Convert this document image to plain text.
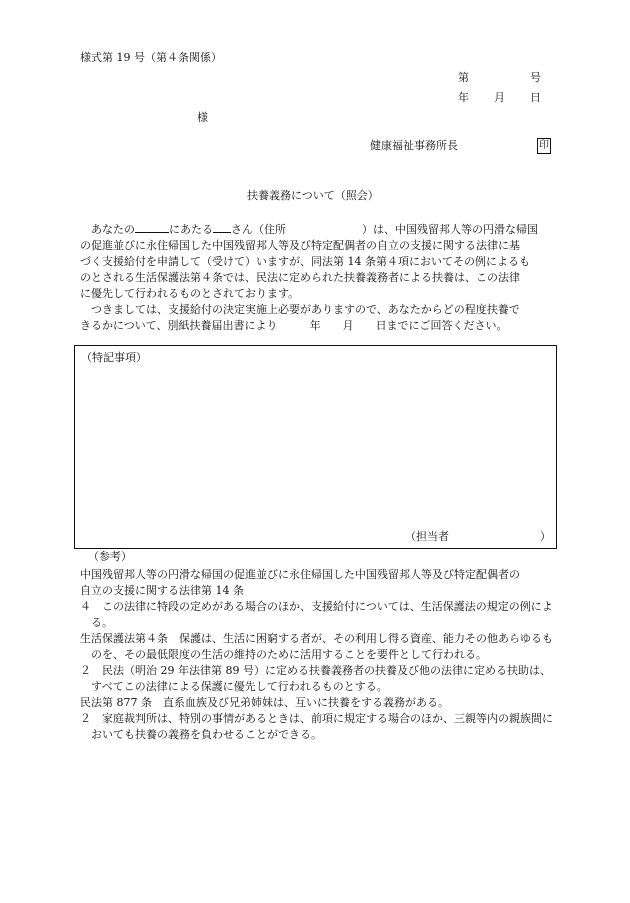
様式第 19 号（第４条関係）
第	号
年 月 日
様
健康福祉事務所長	印
扶養義務について（照会）

あなたの	にあたる さん（住所	）は、中国残留邦人等の円滑な帰国

の促進並びに永住帰国した中国残留邦人等及び特定配偶者の自立の支援に関する法律に基

づく支援給付を申請して（受けて）いますが、同法第 14 条第４項においてその例によるも

のとされる生活保護法第４条では、民法に定められた扶養義務者による扶養は、この法律

に優先して行われるものとされております。

つきましては、支援給付の決定実施上必要がありますので、あなたからどの程度扶養で

きるかについて、別紙扶養届出書により	年 月 日までにご回答ください。

（特記事項）
（担当者	）
（参考）

中国残留邦人等の円滑な帰国の促進並びに永住帰国した中国残留邦人等及び特定配偶者の

自立の支援に関する法律第 14 条

４　この法律に特段の定めがある場合のほか、支援給付については、生活保護法の規定の例による。

生活保護法第４条　保護は、生活に困窮する者が、その利用し得る資産、能力その他あらゆるものを、その最低限度の生活の維持のために活用することを要件として行われる。

２　民法（明治 29 年法律第 89 号）に定める扶養義務者の扶養及び他の法律に定める扶助は、すべてこの法律による保護に優先して行われるものとする。

民法第 877 条　直系血族及び兄弟姉妹は、互いに扶養をする義務がある。

２　家庭裁判所は、特別の事情があるときは、前項に規定する場合のほか、三親等内の親族間においても扶養の義務を負わせることができる。
